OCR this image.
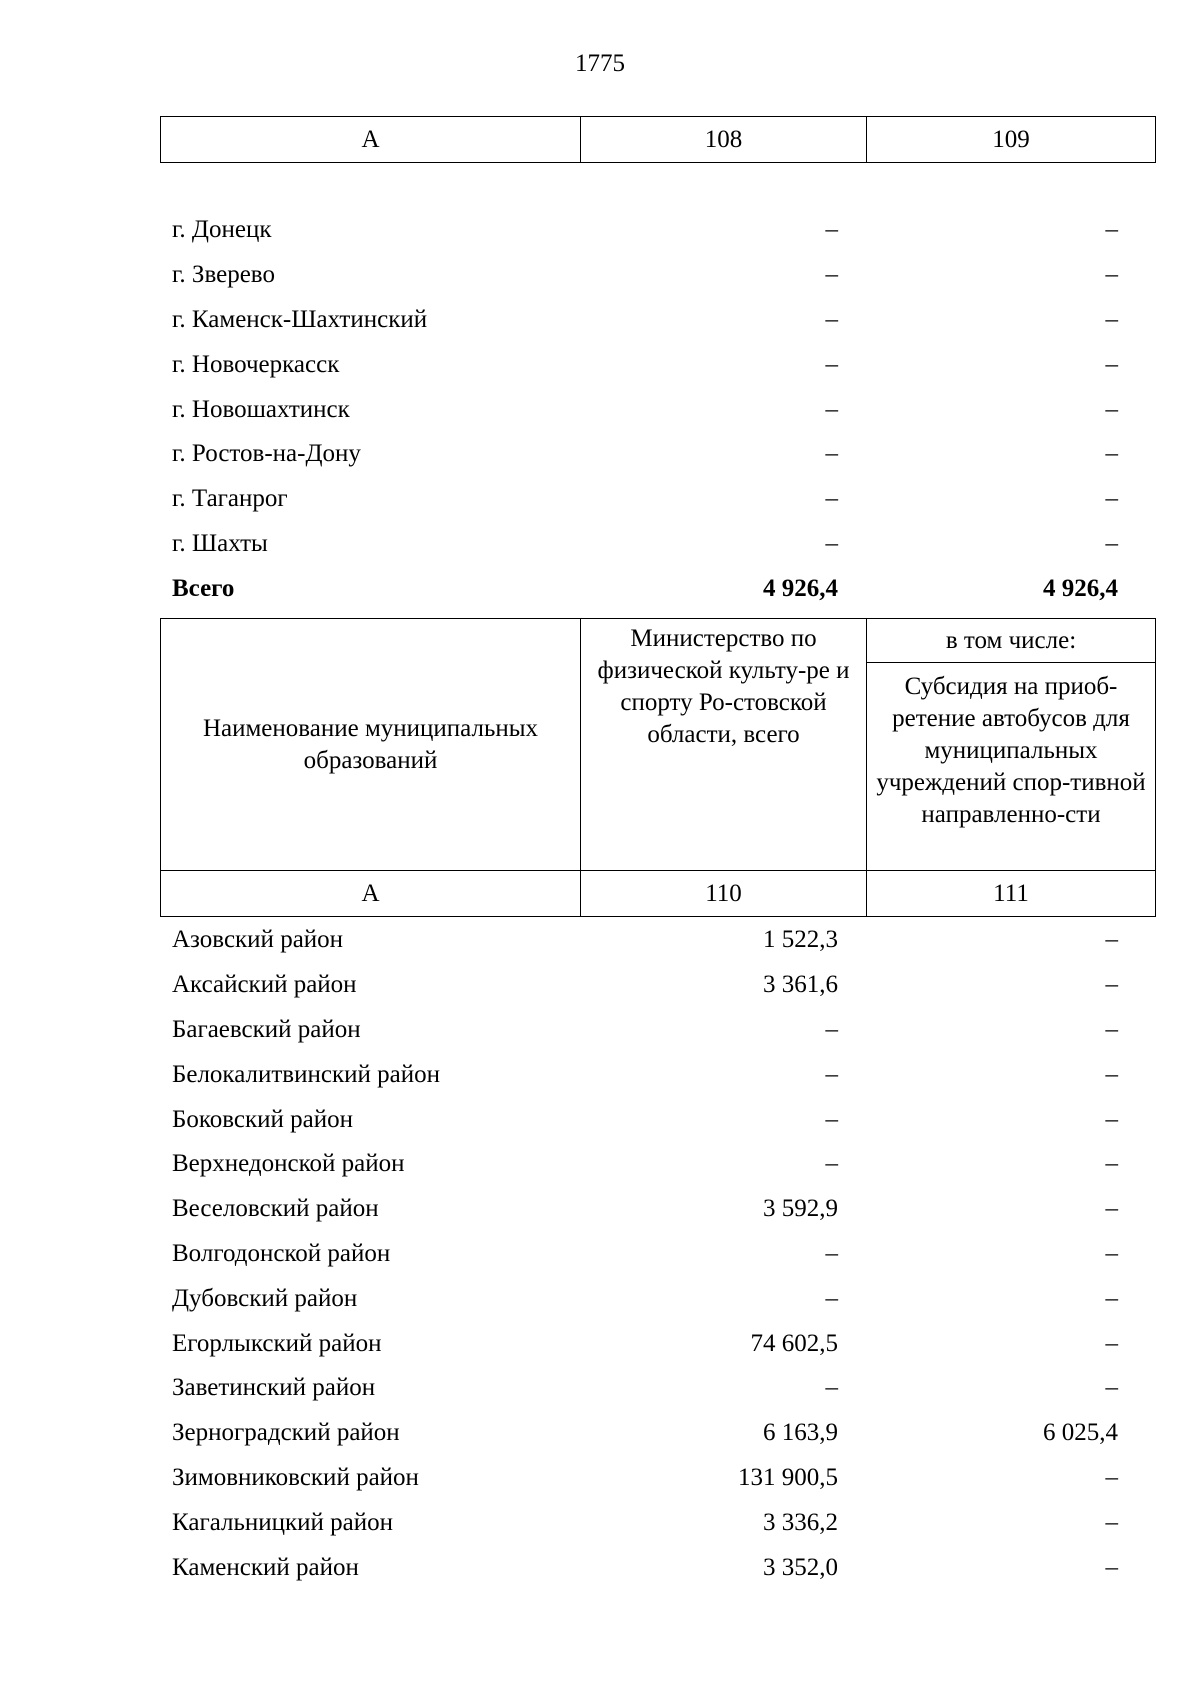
1775
А	108	109
г. Донецк	–	–
г. Зверево	–	–
г. Каменск-Шахтинский	–	–
г. Новочеркасск	–	–
г. Новошахтинск	–	–
г. Ростов-на-Дону	–	–
г. Таганрог	–	–
г. Шахты	–	–
Всего	4 926,4	4 926,4
Наименование муниципальных образований	Министерство по физической культу-ре и спорту Ро-стовской области, всего	в том числе:
		Субсидия на приоб-ретение автобусов для муниципальных учреждений спор-тивной направленно-сти
А	110	111
Азовский район	1 522,3	–
Аксайский район	3 361,6	–
Багаевский район	–	–
Белокалитвинский район	–	–
Боковский район	–	–
Верхнедонской район	–	–
Веселовский район	3 592,9	–
Волгодонской район	–	–
Дубовский район	–	–
Егорлыкский район	74 602,5	–
Заветинский район	–	–
Зерноградский район	6 163,9	6 025,4
Зимовниковский район	131 900,5	–
Кагальницкий район	3 336,2	–
Каменский район	3 352,0	–
